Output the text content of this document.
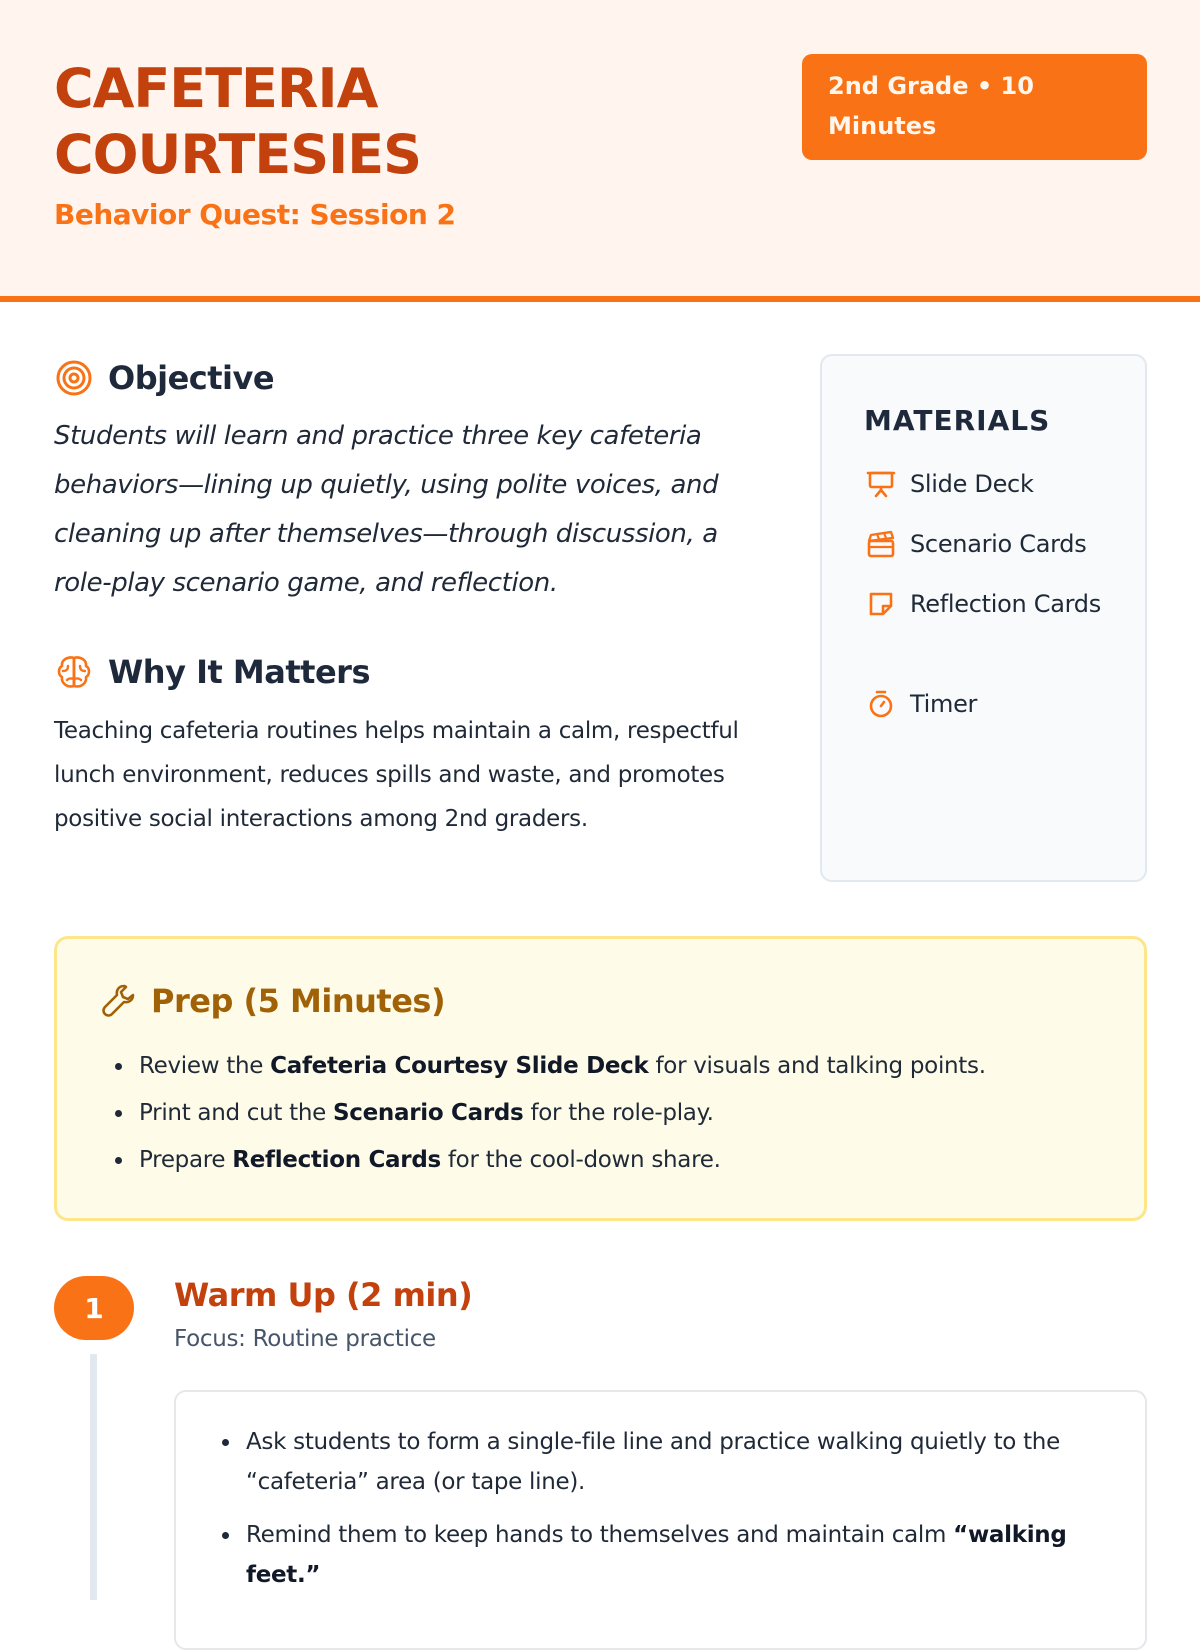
CAFETERIA
COURTESIES
Behavior Quest: Session 2
2nd Grade • 10 Minutes
Objective
Students will learn and practice three key cafeteria behaviors—lining up quietly, using polite voices, and cleaning up after themselves—through discussion, a role-play scenario game, and reflection.
Why It Matters
Teaching cafeteria routines helps maintain a calm, respectful lunch environment, reduces spills and waste, and promotes positive social interactions among 2nd graders.
MATERIALS
Slide Deck
Scenario Cards
Reflection Cards
Timer
Prep (5 Minutes)
Review the Cafeteria Courtesy Slide Deck for visuals and talking points.
Print and cut the Scenario Cards for the role-play.
Prepare Reflection Cards for the cool-down share.
1	Warm Up (2 min)
Focus: Routine practice
Ask students to form a single-file line and practice walking quietly to the “cafeteria” area (or tape line).
Remind them to keep hands to themselves and maintain calm “walking feet.”
